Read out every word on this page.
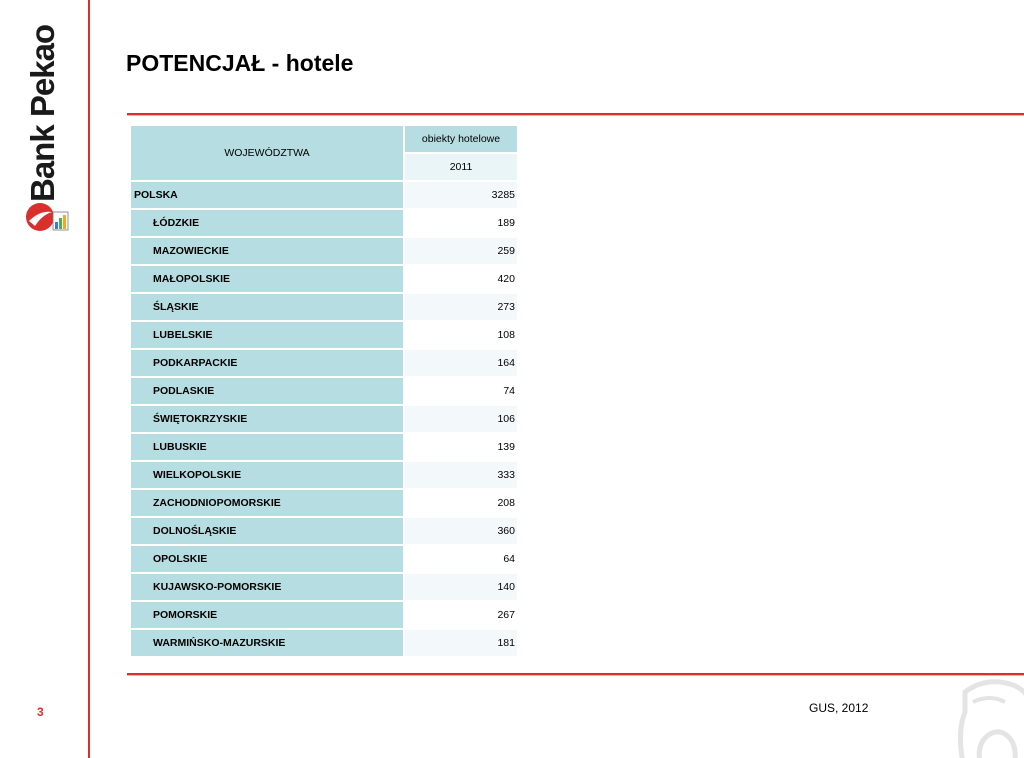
Bank Pekao	POTENCJAŁ - hotele
WOJEWÓDZTWA	obiekty hotelowe
	2011
POLSKA	3285
ŁÓDZKIE	189
MAZOWIECKIE	259
MAŁOPOLSKIE	420
ŚLĄSKIE	273
LUBELSKIE	108
PODKARPACKIE	164
PODLASKIE	74
ŚWIĘTOKRZYSKIE	106
LUBUSKIE	139
WIELKOPOLSKIE	333
ZACHODNIOPOMORSKIE	208
DOLNOŚLĄSKIE	360
OPOLSKIE	64
KUJAWSKO-POMORSKIE	140
POMORSKIE	267
WARMIŃSKO-MAZURSKIE	181
3	GUS, 2012
